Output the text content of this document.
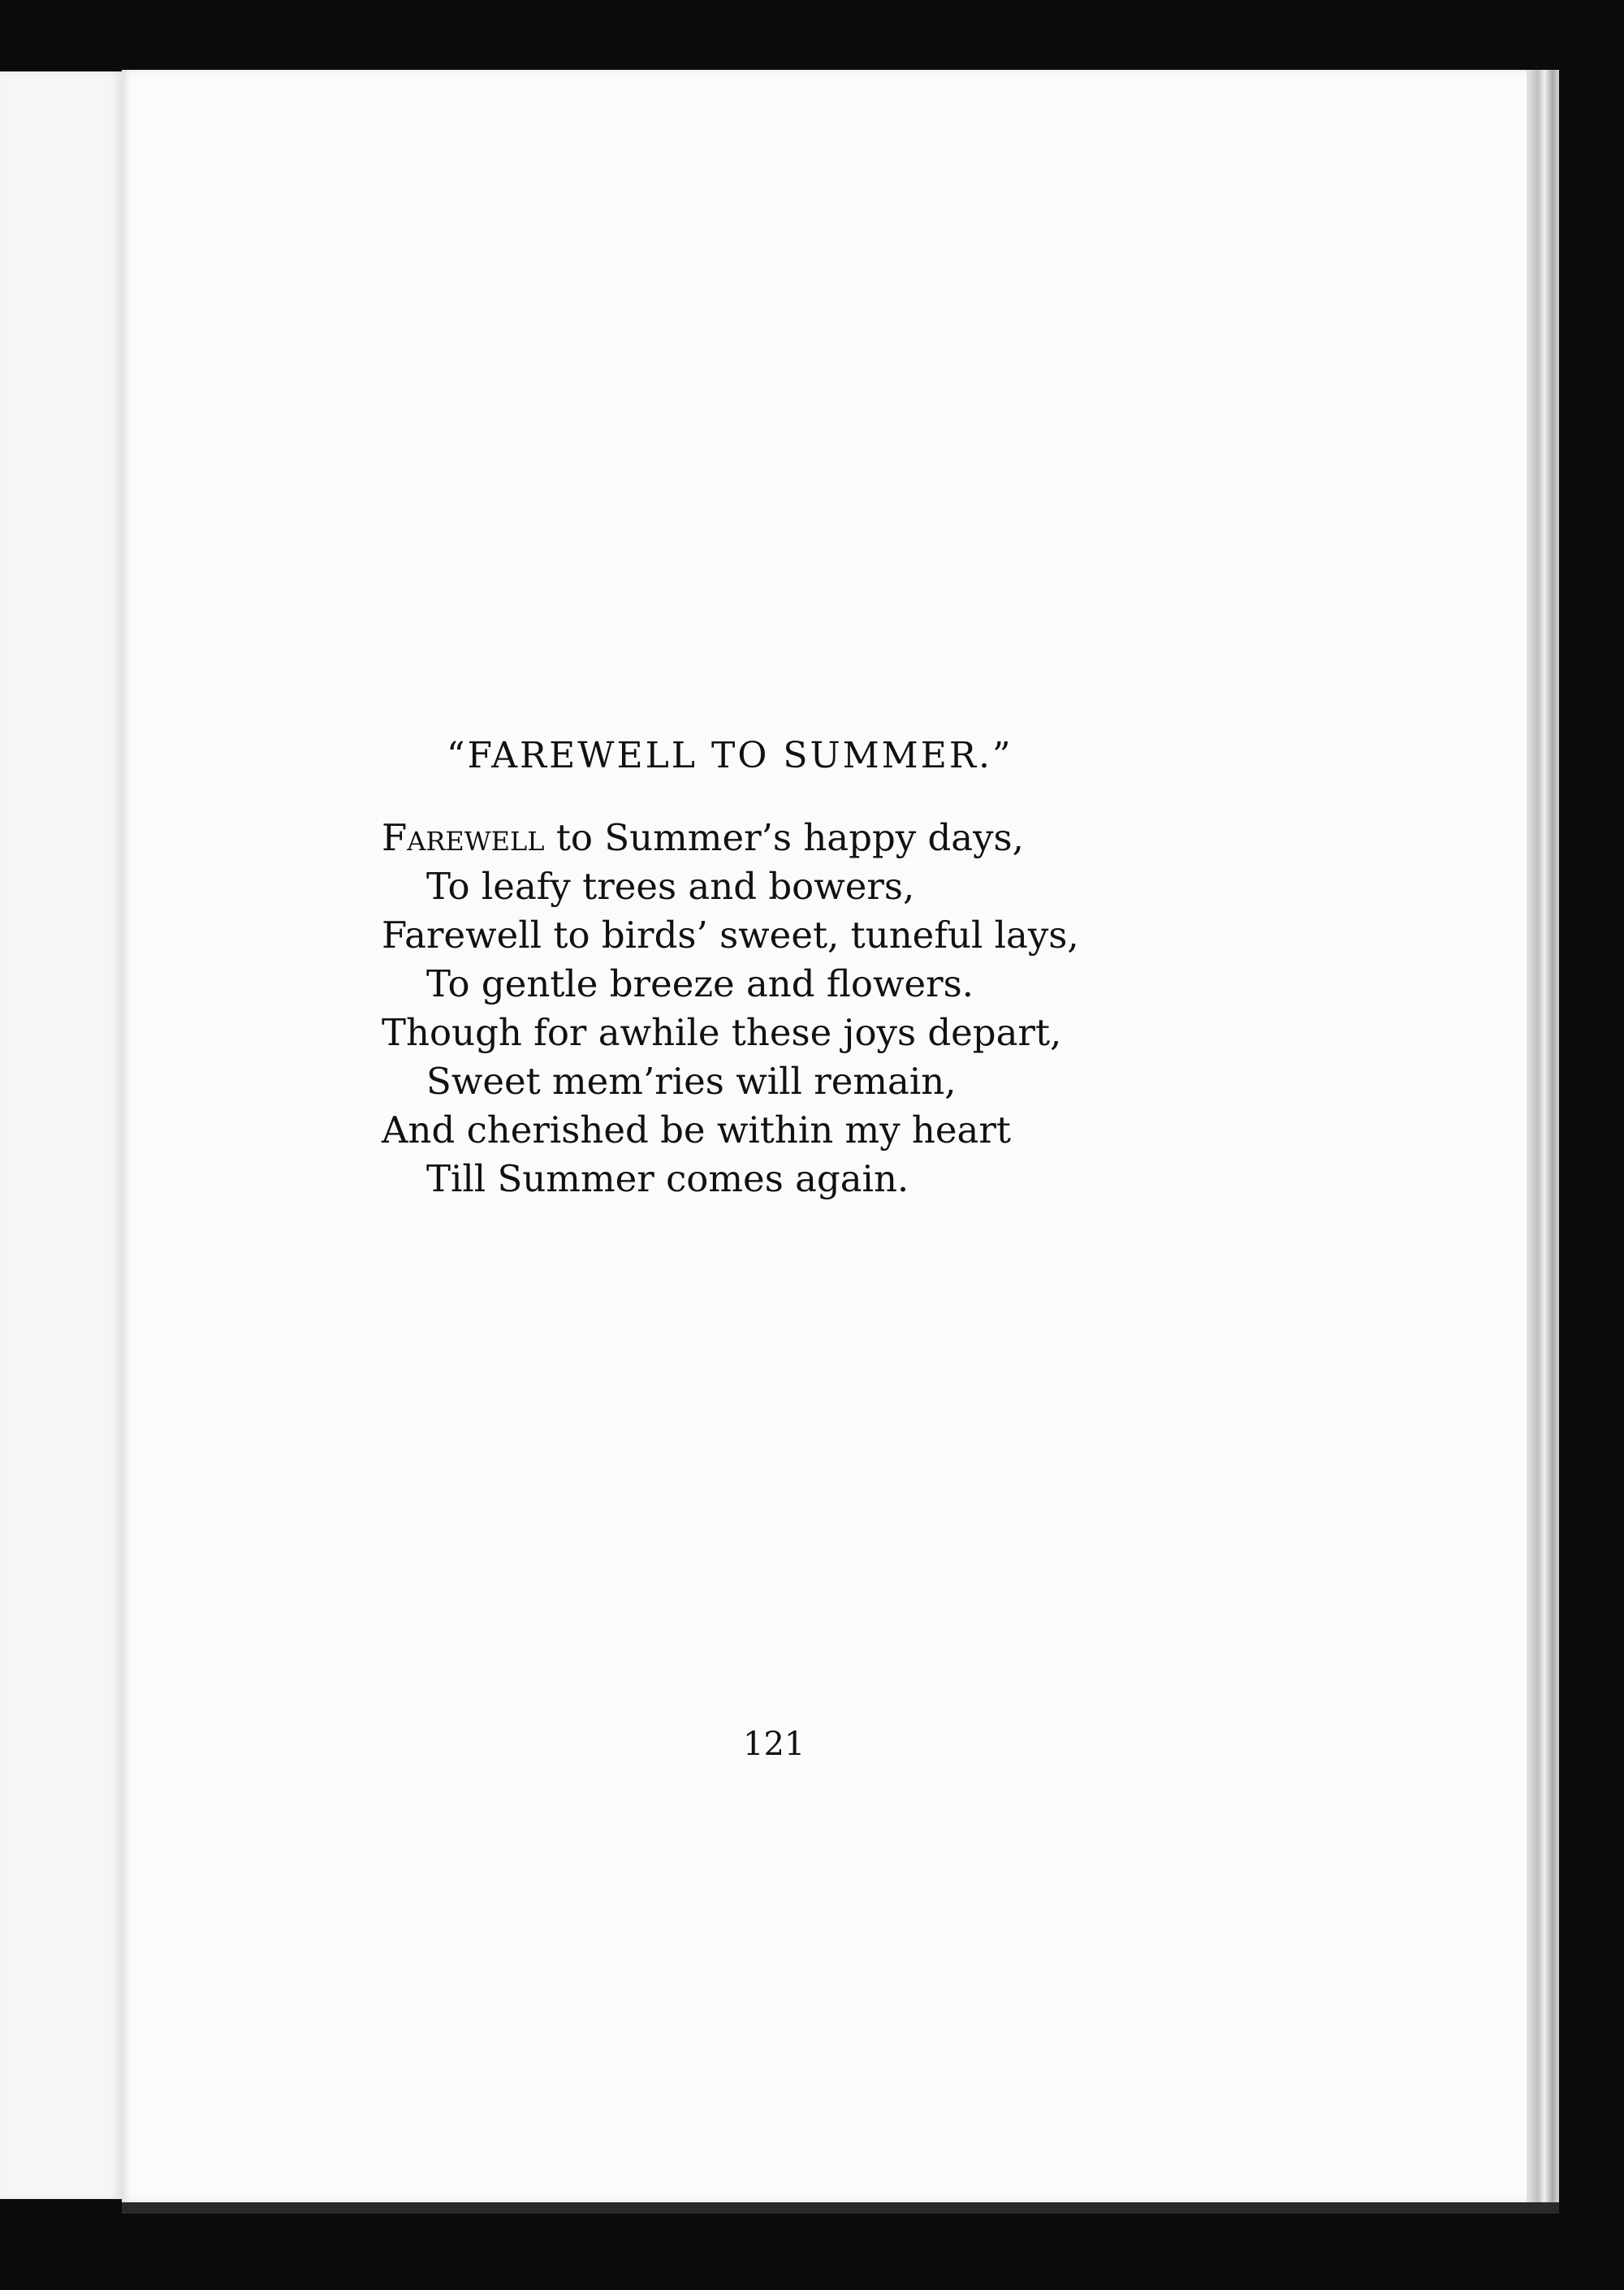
“FAREWELL TO SUMMER.”
Farewell to Summer’s happy days,
To leafy trees and bowers,
Farewell to birds’ sweet, tuneful lays,
To gentle breeze and flowers.
Though for awhile these joys depart,
Sweet mem’ries will remain,
And cherished be within my heart
Till Summer comes again.
121
